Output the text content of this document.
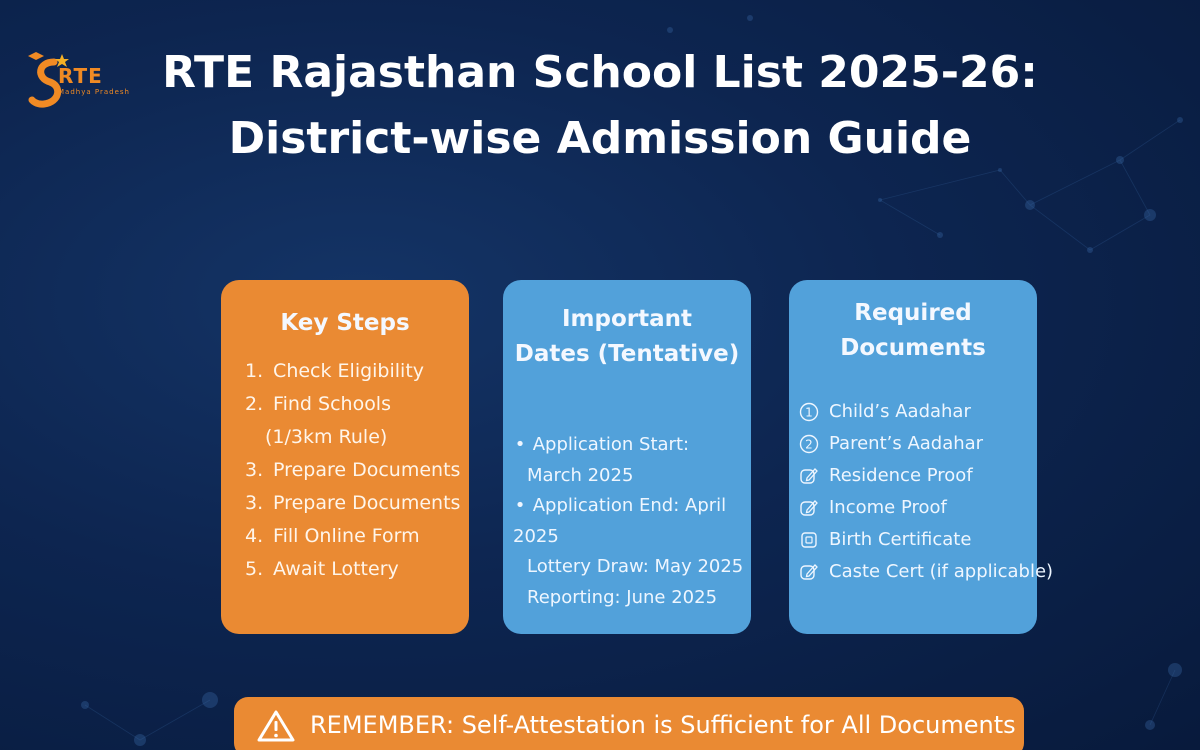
RTE
Madhya Pradesh RTE Rajasthan School List 2025-26:
District-wise Admission Guide
Key Steps
1. Check Eligibility
2. Find Schools
(1/3km Rule)
3. Prepare Documents
3. Prepare Documents
4. Fill Online Form
5. Await Lottery
Important
Dates (Tentative)
• Application Start:
March 2025
• Application End: April 2025
Lottery Draw: May 2025
Reporting: June 2025
Required
Documents
1 Child’s Aadahar
2 Parent’s Aadahar
Residence Proof
Income Proof
Birth Certificate
Caste Cert (if applicable)
REMEMBER: Self-Attestation is Sufficient for All Documents
